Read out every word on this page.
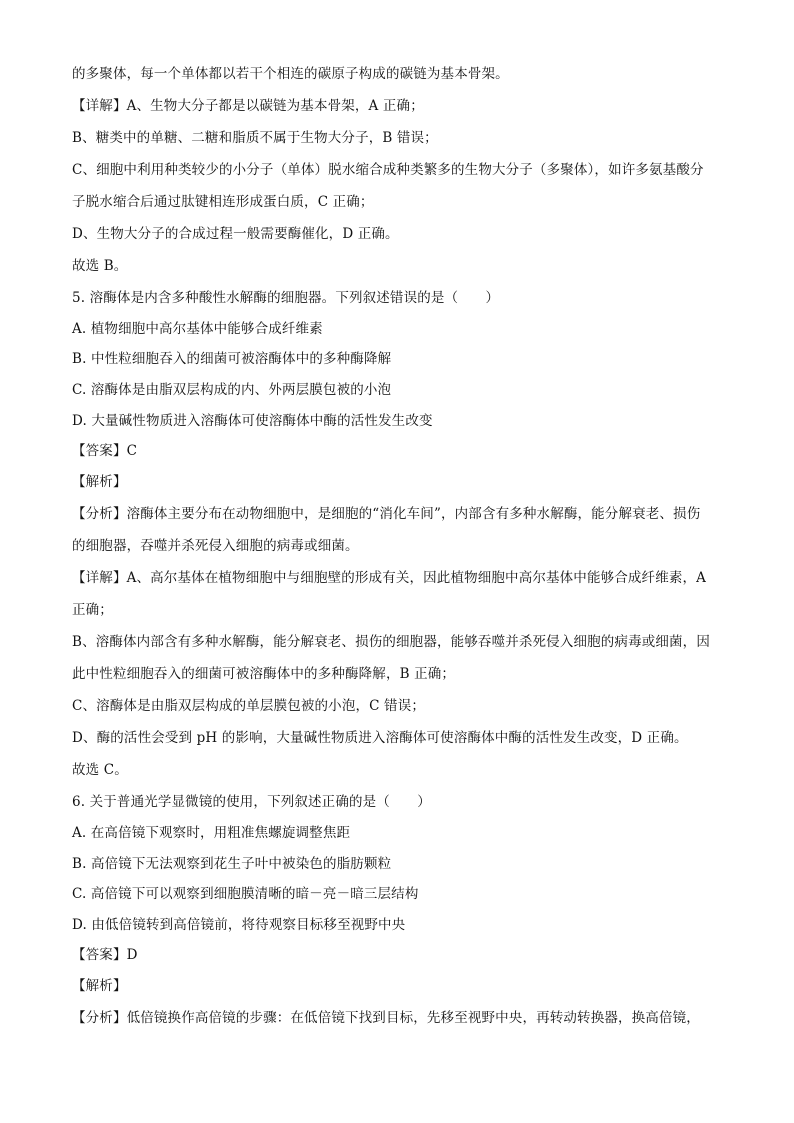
的多聚体，每一个单体都以若干个相连的碳原子构成的碳链为基本骨架。
【详解】A、生物大分子都是以碳链为基本骨架，A 正确；
B、糖类中的单糖、二糖和脂质不属于生物大分子，B 错误；
C、细胞中利用种类较少的小分子（单体）脱水缩合成种类繁多的生物大分子（多聚体），如许多氨基酸分
子脱水缩合后通过肽键相连形成蛋白质，C 正确；
D、生物大分子的合成过程一般需要酶催化，D 正确。
故选 B。
5. 溶酶体是内含多种酸性水解酶的细胞器。下列叙述错误的是（　　）
A. 植物细胞中高尔基体中能够合成纤维素
B. 中性粒细胞吞入的细菌可被溶酶体中的多种酶降解
C. 溶酶体是由脂双层构成的内、外两层膜包被的小泡
D. 大量碱性物质进入溶酶体可使溶酶体中酶的活性发生改变
【答案】C
【解析】
【分析】溶酶体主要分布在动物细胞中，是细胞的“消化车间”，内部含有多种水解酶，能分解衰老、损伤
的细胞器，吞噬并杀死侵入细胞的病毒或细菌。
【详解】A、高尔基体在植物细胞中与细胞壁的形成有关，因此植物细胞中高尔基体中能够合成纤维素，A
正确；
B、溶酶体内部含有多种水解酶，能分解衰老、损伤的细胞器，能够吞噬并杀死侵入细胞的病毒或细菌，因
此中性粒细胞吞入的细菌可被溶酶体中的多种酶降解，B 正确；
C、溶酶体是由脂双层构成的单层膜包被的小泡，C 错误；
D、酶的活性会受到 pH 的影响，大量碱性物质进入溶酶体可使溶酶体中酶的活性发生改变，D 正确。
故选 C。
6. 关于普通光学显微镜的使用，下列叙述正确的是（　　）
A. 在高倍镜下观察时，用粗准焦螺旋调整焦距
B. 高倍镜下无法观察到花生子叶中被染色的脂肪颗粒
C. 高倍镜下可以观察到细胞膜清晰的暗－亮－暗三层结构
D. 由低倍镜转到高倍镜前，将待观察目标移至视野中央
【答案】D
【解析】
【分析】低倍镜换作高倍镜的步骤：在低倍镜下找到目标，先移至视野中央，再转动转换器，换高倍镜，
